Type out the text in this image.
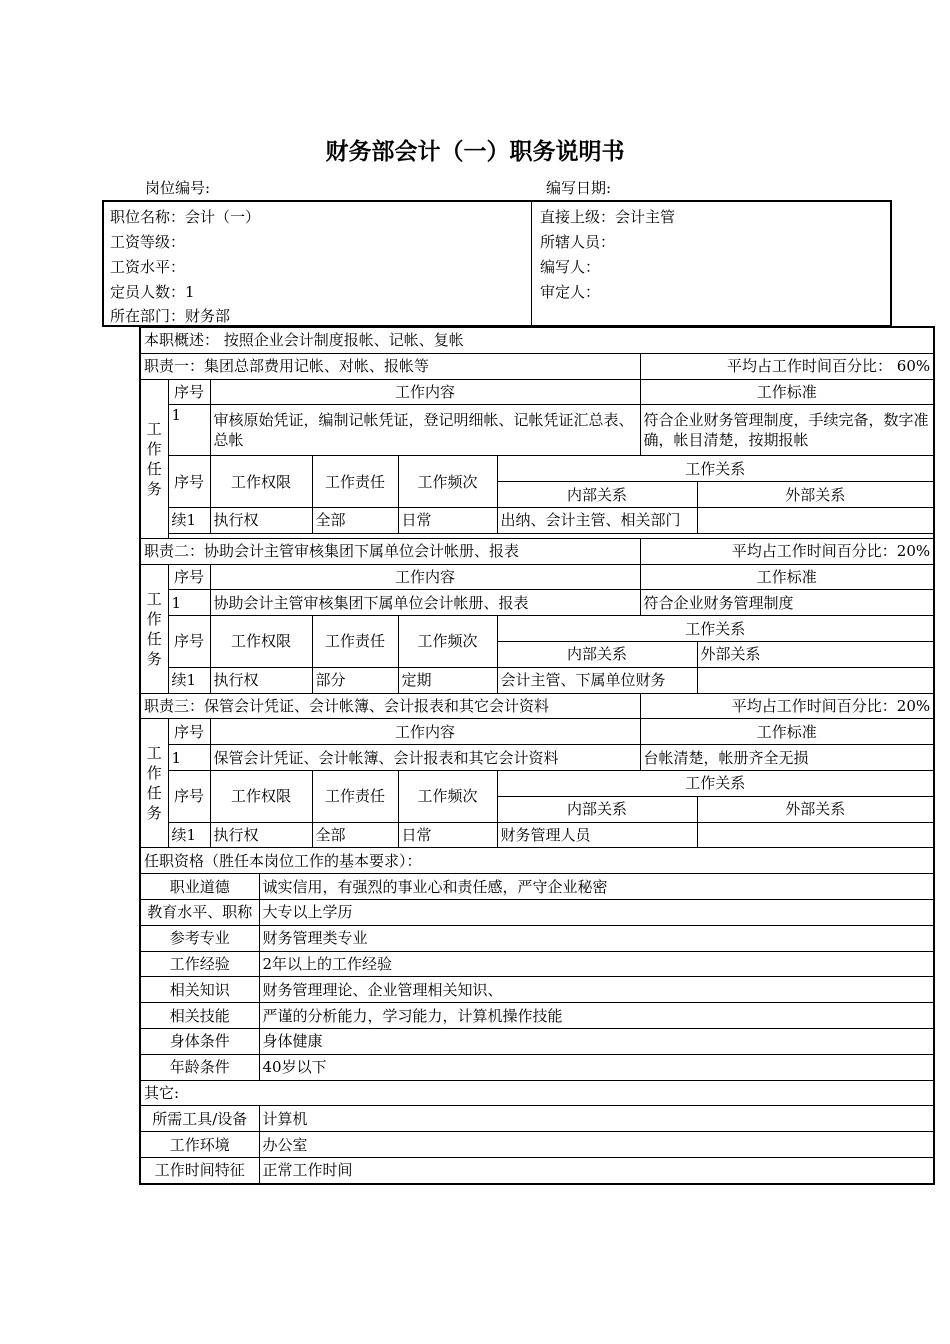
财务部会计（一）职务说明书
岗位编号:	编写日期:
职位名称：会计（一）
工资等级：
工资水平：
定员人数：1
所在部门：财务部
直接上级：会计主管
所辖人员：
编写人：
审定人：
本职概述： 按照企业会计制度报帐、记帐、复帐								
职责一：集团总部费用记帐、对帐、报帐等							平均占工作时间百分比： 60%	

工
作
任
务	序号	工作内容					工作标准	
	1	审核原始凭证，编制记帐凭证，登记明细帐、记帐凭证汇总表、总帐					符合企业财务管理制度，手续完备，数字准确，帐目清楚，按期报帐	
	序号	工作权限		工作责任	工作频次	工作关系		
						内部关系		外部关系
	续1	执行权		全部	日常	出纳、会计主管、相关部门		

职责二：协助会计主管审核集团下属单位会计帐册、报表							平均占工作时间百分比：20%	

工
作
任
务	序号	工作内容					工作标准	
	1	协助会计主管审核集团下属单位会计帐册、报表					符合企业财务管理制度	
	序号	工作权限		工作责任	工作频次	工作关系		
						内部关系		外部关系
	续1	执行权		部分	定期	会计主管、下属单位财务		
职责三：保管会计凭证、会计帐簿、会计报表和其它会计资料							平均占工作时间百分比：20%	

工
作
任
务	序号	工作内容					工作标准	
	1	保管会计凭证、会计帐簿、会计报表和其它会计资料					台帐清楚，帐册齐全无损	
	序号	工作权限		工作责任	工作频次	工作关系		
						内部关系		外部关系
	续1	执行权		全部	日常	财务管理人员		
任职资格（胜任本岗位工作的基本要求）：								
职业道德			诚实信用，有强烈的事业心和责任感，严守企业秘密					
教育水平、职称			大专以上学历					
参考专业			财务管理类专业					
工作经验			2年以上的工作经验					
相关知识			财务管理理论、企业管理相关知识、					
相关技能			严谨的分析能力，学习能力，计算机操作技能					
身体条件			身体健康					
年龄条件			40岁以下					
其它:								
所需工具/设备			计算机					
工作环境			办公室					
工作时间特征			正常工作时间					
